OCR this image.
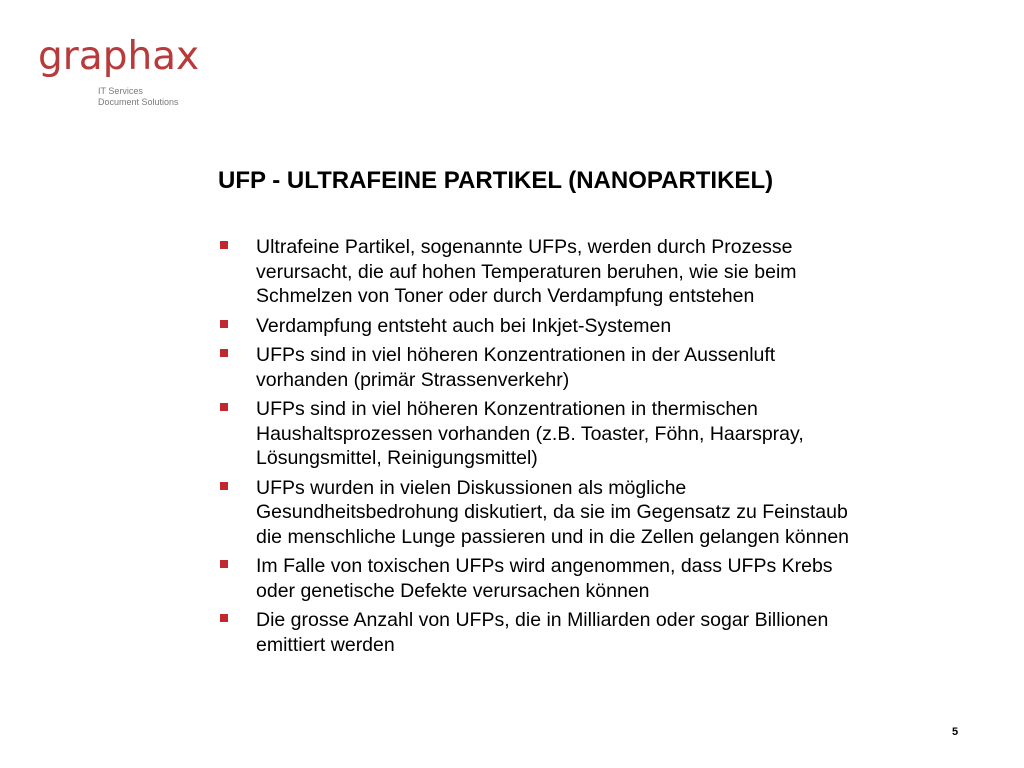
graphax
IT Services
Document Solutions
UFP - ULTRAFEINE PARTIKEL (NANOPARTIKEL)
Ultrafeine Partikel, sogenannte UFPs, werden durch Prozesse
verursacht, die auf hohen Temperaturen beruhen, wie sie beim
Schmelzen von Toner oder durch Verdampfung entstehen
Verdampfung entsteht auch bei Inkjet-Systemen
UFPs sind in viel höheren Konzentrationen in der Aussenluft
vorhanden (primär Strassenverkehr)
UFPs sind in viel höheren Konzentrationen in thermischen
Haushaltsprozessen vorhanden (z.B. Toaster, Föhn, Haarspray,
Lösungsmittel, Reinigungsmittel)
UFPs wurden in vielen Diskussionen als mögliche
Gesundheitsbedrohung diskutiert, da sie im Gegensatz zu Feinstaub
die menschliche Lunge passieren und in die Zellen gelangen können
Im Falle von toxischen UFPs wird angenommen, dass UFPs Krebs
oder genetische Defekte verursachen können
Die grosse Anzahl von UFPs, die in Milliarden oder sogar Billionen
emittiert werden
5
